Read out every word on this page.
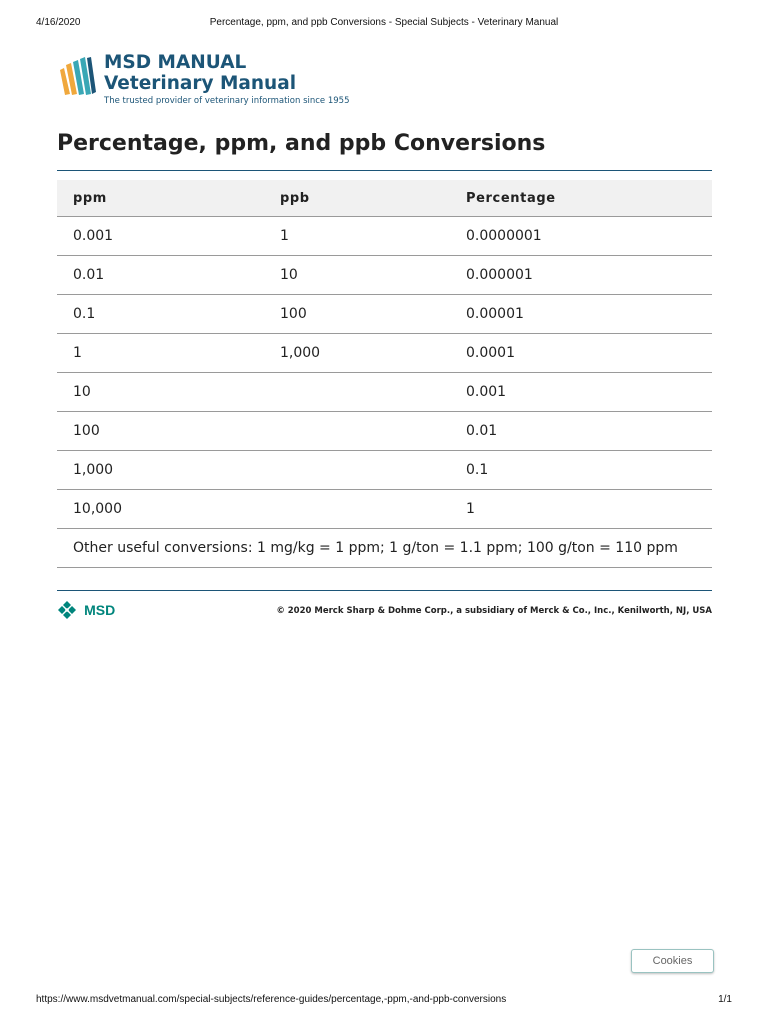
4/16/2020	Percentage, ppm, and ppb Conversions - Special Subjects - Veterinary Manual
MSD MANUAL
Veterinary Manual
The trusted provider of veterinary information since 1955
Percentage, ppm, and ppb Conversions
ppm	ppb	Percentage
0.001	1	0.0000001
0.01	10	0.000001
0.1	100	0.00001
1	1,000	0.0001
10		0.001
100		0.01
1,000		0.1
10,000		1
Other useful conversions: 1 mg/kg = 1 ppm; 1 g/ton = 1.1 ppm; 100 g/ton = 110 ppm		
MSD	© 2020 Merck Sharp & Dohme Corp., a subsidiary of Merck & Co., Inc., Kenilworth, NJ, USA
Cookies
https://www.msdvetmanual.com/special-subjects/reference-guides/percentage,-ppm,-and-ppb-conversions	1/1
